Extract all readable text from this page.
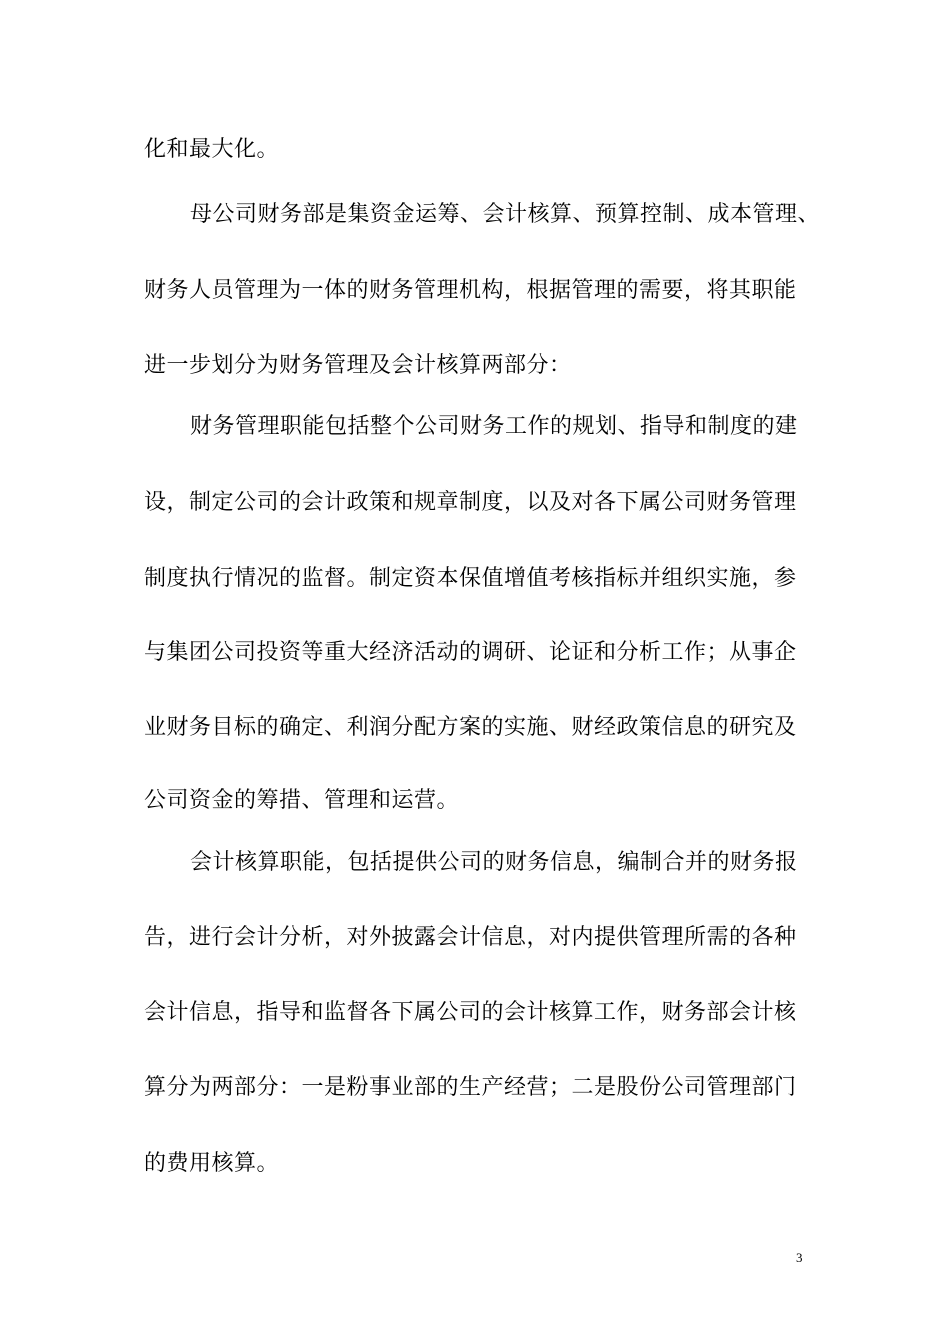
化和最大化。
母公司财务部是集资金运筹、会计核算、预算控制、成本管理、
财务人员管理为一体的财务管理机构，根据管理的需要，将其职能
进一步划分为财务管理及会计核算两部分：
财务管理职能包括整个公司财务工作的规划、指导和制度的建
设，制定公司的会计政策和规章制度，以及对各下属公司财务管理
制度执行情况的监督。制定资本保值增值考核指标并组织实施，参
与集团公司投资等重大经济活动的调研、论证和分析工作；从事企
业财务目标的确定、利润分配方案的实施、财经政策信息的研究及
公司资金的筹措、管理和运营。
会计核算职能，包括提供公司的财务信息，编制合并的财务报
告，进行会计分析，对外披露会计信息，对内提供管理所需的各种
会计信息，指导和监督各下属公司的会计核算工作，财务部会计核
算分为两部分：一是粉事业部的生产经营；二是股份公司管理部门
的费用核算。
3
